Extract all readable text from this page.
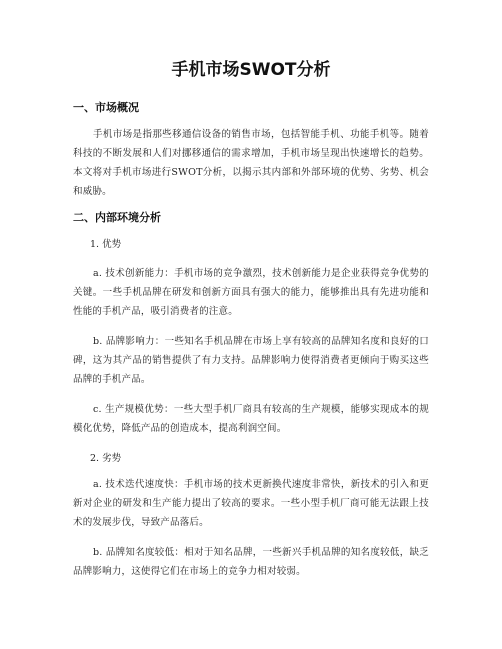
手机市场SWOT分析
一、市场概况
手机市场是指那些移通信设备的销售市场，包括智能手机、功能手机等。随着科技的不断发展和人们对挪移通信的需求增加，手机市场呈现出快速增长的趋势。本文将对手机市场进行SWOT分析，以揭示其内部和外部环境的优势、劣势、机会和威胁。
二、内部环境分析
1. 优势
a. 技术创新能力：手机市场的竞争激烈，技术创新能力是企业获得竞争优势的关键。一些手机品牌在研发和创新方面具有强大的能力，能够推出具有先进功能和性能的手机产品，吸引消费者的注意。
b. 品牌影响力：一些知名手机品牌在市场上享有较高的品牌知名度和良好的口碑，这为其产品的销售提供了有力支持。品牌影响力使得消费者更倾向于购买这些品牌的手机产品。
c. 生产规模优势：一些大型手机厂商具有较高的生产规模，能够实现成本的规模化优势，降低产品的创造成本，提高利润空间。
2. 劣势
a. 技术迭代速度快：手机市场的技术更新换代速度非常快，新技术的引入和更新对企业的研发和生产能力提出了较高的要求。一些小型手机厂商可能无法跟上技术的发展步伐，导致产品落后。
b. 品牌知名度较低：相对于知名品牌，一些新兴手机品牌的知名度较低，缺乏品牌影响力，这使得它们在市场上的竞争力相对较弱。
